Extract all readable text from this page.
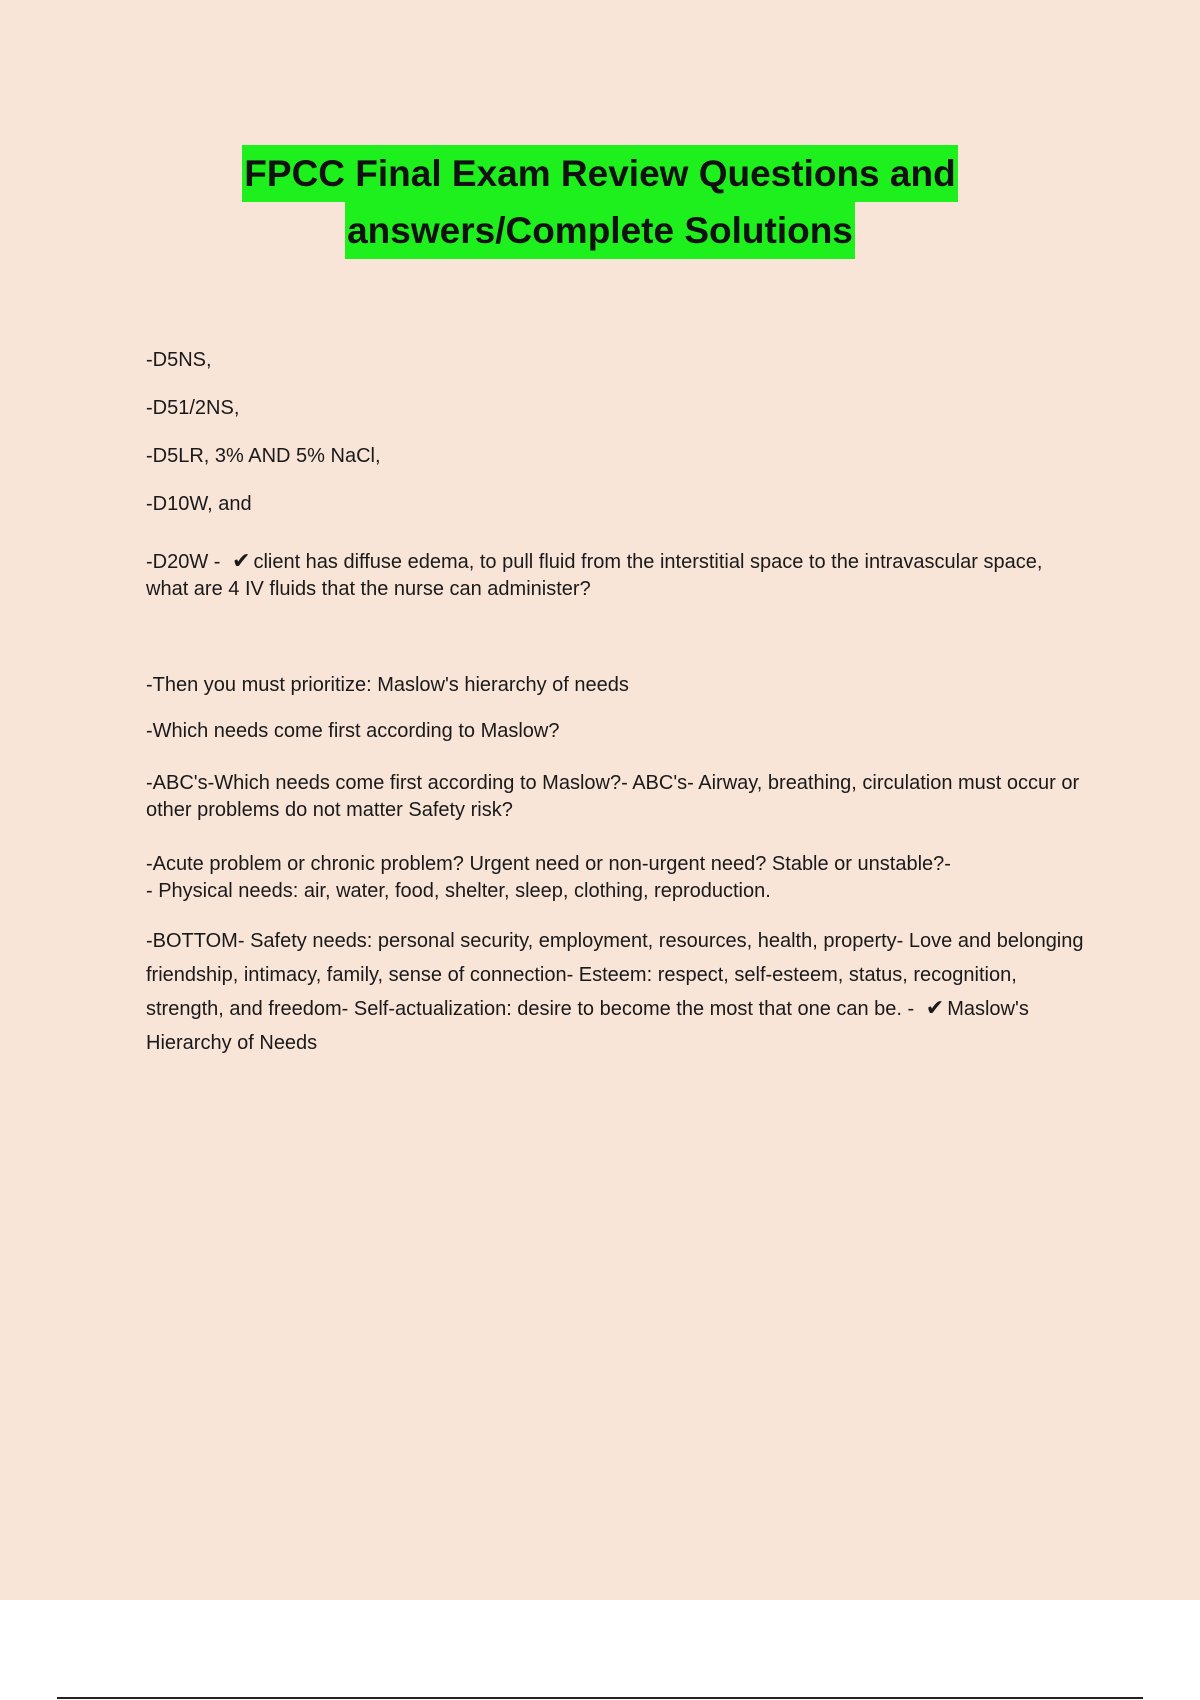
FPCC Final Exam Review Questions and
answers/Complete Solutions
-D5NS,
-D51/2NS,
-D5LR, 3% AND 5% NaCl,
-D10W, and
-D20W - ✔ client has diffuse edema, to pull fluid from the interstitial space to the intravascular space, what are 4 IV fluids that the nurse can administer?
-Then you must prioritize: Maslow's hierarchy of needs
-Which needs come first according to Maslow?
-ABC's-Which needs come first according to Maslow?- ABC's- Airway, breathing, circulation must occur or other problems do not matter Safety risk?
-Acute problem or chronic problem? Urgent need or non-urgent need? Stable or unstable?-
- Physical needs: air, water, food, shelter, sleep, clothing, reproduction.
-BOTTOM- Safety needs: personal security, employment, resources, health, property- Love and belonging friendship, intimacy, family, sense of connection- Esteem: respect, self-esteem, status, recognition, strength, and freedom- Self-actualization: desire to become the most that one can be. - ✔ Maslow's Hierarchy of Needs
